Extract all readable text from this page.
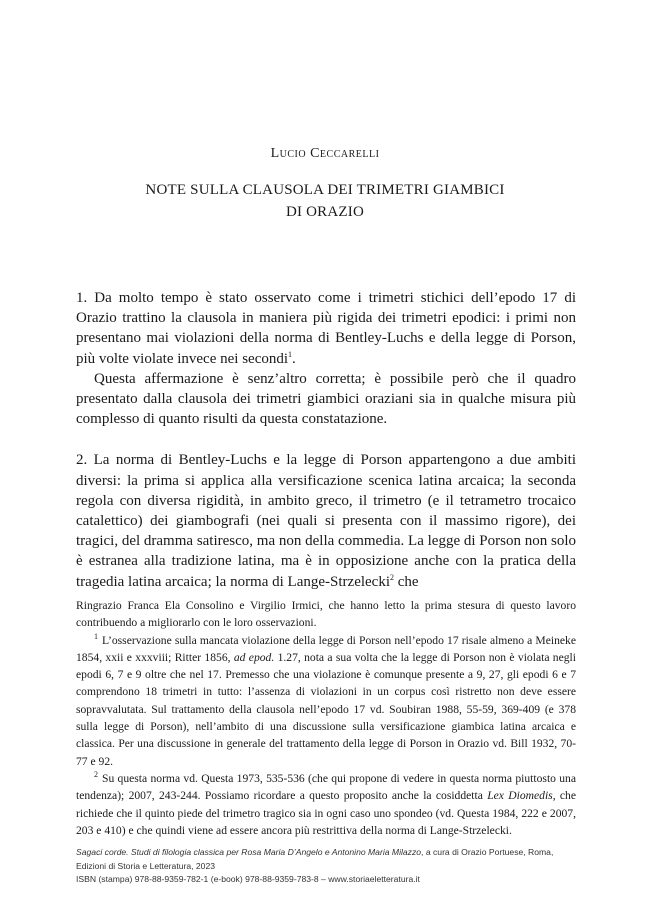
Lucio Ceccarelli
NOTE SULLA CLAUSOLA DEI TRIMETRI GIAMBICI
DI ORAZIO

1. Da molto tempo è stato osservato come i trimetri stichici dell’epodo 17 di Orazio trattino la clausola in maniera più rigida dei trimetri epodici: i primi non presentano mai violazioni della norma di Bentley-Luchs e della legge di Porson, più volte violate invece nei secondi$^1$.

Questa affermazione è senz’altro corretta; è possibile però che il quadro presentato dalla clausola dei trimetri giambici oraziani sia in qualche misura più complesso di quanto risulti da questa constatazione.

2. La norma di Bentley-Luchs e la legge di Porson appartengono a due ambiti diversi: la prima si applica alla versificazione scenica latina arcaica; la seconda regola con diversa rigidità, in ambito greco, il trimetro (e il tetrametro trocaico catalettico) dei giambografi (nei quali si presenta con il massimo rigore), dei tragici, del dramma satiresco, ma non della commedia. La legge di Porson non solo è estranea alla tradizione latina, ma è in opposizione anche con la pratica della tragedia latina arcaica; la norma di Lange-Strzelecki$^2$ che

Ringrazio Franca Ela Consolino e Virgilio Irmici, che hanno letto la prima stesura di questo lavoro contribuendo a migliorarlo con le loro osservazioni.

$^1$ L’osservazione sulla mancata violazione della legge di Porson nell’epodo 17 risale almeno a Meineke 1854, xxii e xxxviii; Ritter 1856, ad epod. 1.27, nota a sua volta che la legge di Porson non è violata negli epodi 6, 7 e 9 oltre che nel 17. Premesso che una violazione è comunque presente a 9, 27, gli epodi 6 e 7 comprendono 18 trimetri in tutto: l’assenza di violazioni in un corpus così ristretto non deve essere sopravvalutata. Sul trattamento della clausola nell’epodo 17 vd. Soubiran 1988, 55-59, 369-409 (e 378 sulla legge di Porson), nell’ambito di una discussione sulla versificazione giambica latina arcaica e classica. Per una discussione in generale del trattamento della legge di Porson in Orazio vd. Bill 1932, 70-77 e 92.

$^2$ Su questa norma vd. Questa 1973, 535-536 (che qui propone di vedere in questa norma piuttosto una tendenza); 2007, 243-244. Possiamo ricordare a questo proposito anche la cosiddetta Lex Diomedis, che richiede che il quinto piede del trimetro tragico sia in ogni caso uno spondeo (vd. Questa 1984, 222 e 2007, 203 e 410) e che quindi viene ad essere ancora più restrittiva della norma di Lange-Strzelecki.

Sagaci corde. Studi di filologia classica per Rosa Maria D’Angelo e Antonino Maria Milazzo, a cura di Orazio Portuese, Roma, Edizioni di Storia e Letteratura, 2023

ISBN (stampa) 978-88-9359-782-1 (e-book) 978-88-9359-783-8 – www.storiaeletteratura.it
